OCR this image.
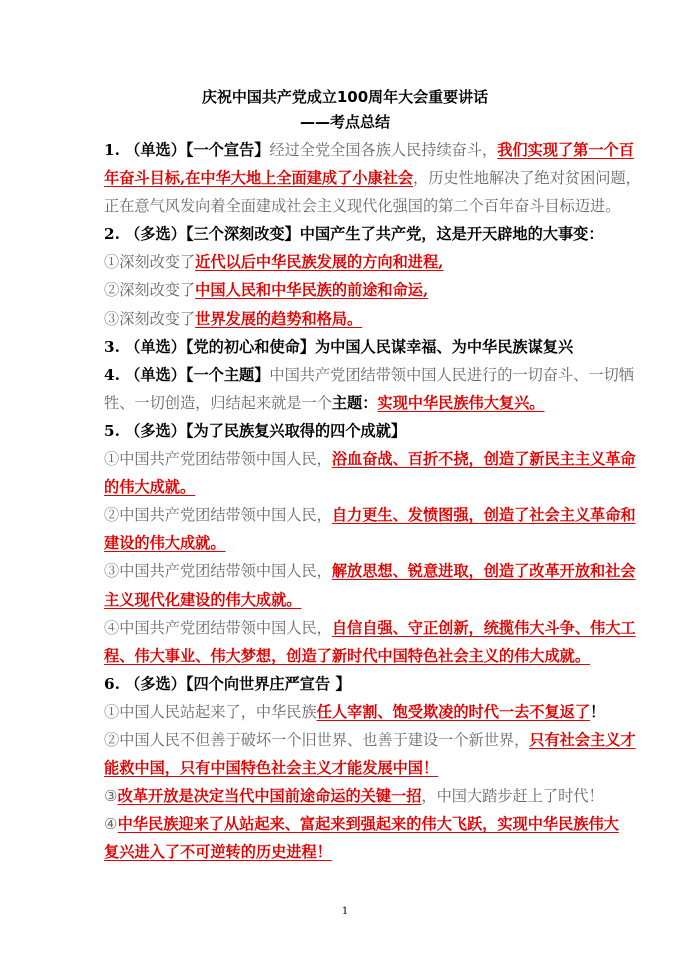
庆祝中国共产党成立100周年大会重要讲话
——考点总结
1. （单选）【一个宣告】经过全党全国各族人民持续奋斗，我们实现了第一个百
年奋斗目标,在中华大地上全面建成了小康社会，历史性地解决了绝对贫困问题，
正在意气风发向着全面建成社会主义现代化强国的第二个百年奋斗目标迈进。
2. （多选）【三个深刻改变】中国产生了共产党，这是开天辟地的大事变：
①深刻改变了近代以后中华民族发展的方向和进程,
②深刻改变了中国人民和中华民族的前途和命运,
③深刻改变了世界发展的趋势和格局。
3. （单选）【党的初心和使命】为中国人民谋幸福、为中华民族谋复兴
4. （单选）【一个主题】中国共产党团结带领中国人民进行的一切奋斗、一切牺
牲、一切创造，归结起来就是一个主题：实现中华民族伟大复兴。
5. （多选）【为了民族复兴取得的四个成就】
①中国共产党团结带领中国人民，浴血奋战、百折不挠，创造了新民主主义革命
的伟大成就。
②中国共产党团结带领中国人民，自力更生、发愤图强，创造了社会主义革命和
建设的伟大成就。
③中国共产党团结带领中国人民，解放思想、锐意进取，创造了改革开放和社会
主义现代化建设的伟大成就。
④中国共产党团结带领中国人民，自信自强、守正创新，统揽伟大斗争、伟大工
程、伟大事业、伟大梦想，创造了新时代中国特色社会主义的伟大成就。
6. （多选）【四个向世界庄严宣告 】
①中国人民站起来了，中华民族任人宰割、饱受欺凌的时代一去不复返了！
②中国人民不但善于破坏一个旧世界、也善于建设一个新世界，只有社会主义才
能救中国，只有中国特色社会主义才能发展中国！
③改革开放是决定当代中国前途命运的关键一招，中国大踏步赶上了时代！
④中华民族迎来了从站起来、富起来到强起来的伟大飞跃，实现中华民族伟大
复兴进入了不可逆转的历史进程！
1
